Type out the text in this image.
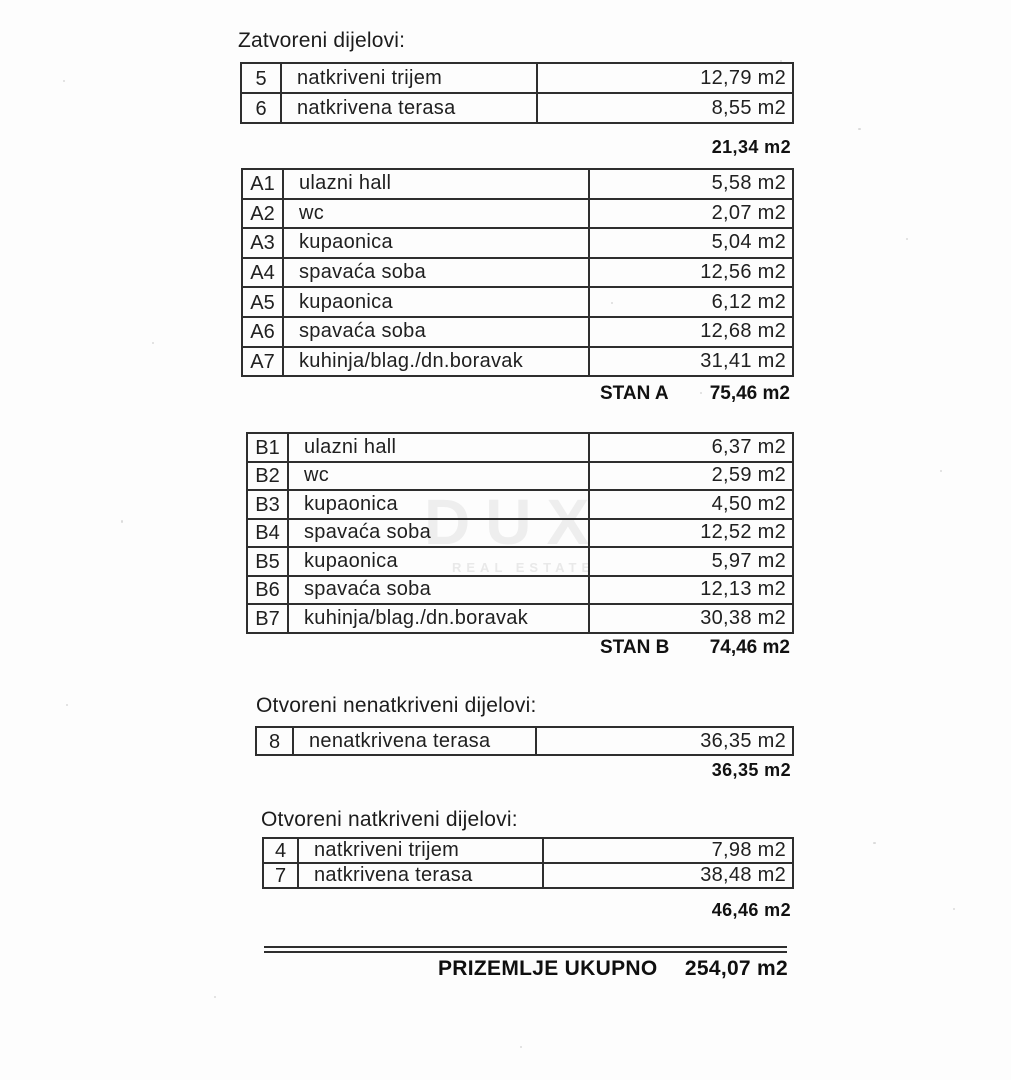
DUX
REAL ESTATE
Zatvoreni dijelovi:
5	natkriveni trijem	12,79 m2
6	natkrivena terasa	8,55 m2
21,34 m2
A1	ulazni hall	5,58 m2
A2	wc	2,07 m2
A3	kupaonica	5,04 m2
A4	spavaća soba	12,56 m2
A5	kupaonica	6,12 m2
A6	spavaća soba	12,68 m2
A7	kuhinja/blag./dn.boravak	31,41 m2
STAN A 75,46 m2
B1	ulazni hall	6,37 m2
B2	wc	2,59 m2
B3	kupaonica	4,50 m2
B4	spavaća soba	12,52 m2
B5	kupaonica	5,97 m2
B6	spavaća soba	12,13 m2
B7	kuhinja/blag./dn.boravak	30,38 m2
STAN B 74,46 m2
Otvoreni nenatkriveni dijelovi:
8	nenatkrivena terasa	36,35 m2
36,35 m2
Otvoreni natkriveni dijelovi:
4	natkriveni trijem	7,98 m2
7	natkrivena terasa	38,48 m2
46,46 m2
PRIZEMLJE UKUPNO 254,07 m2
